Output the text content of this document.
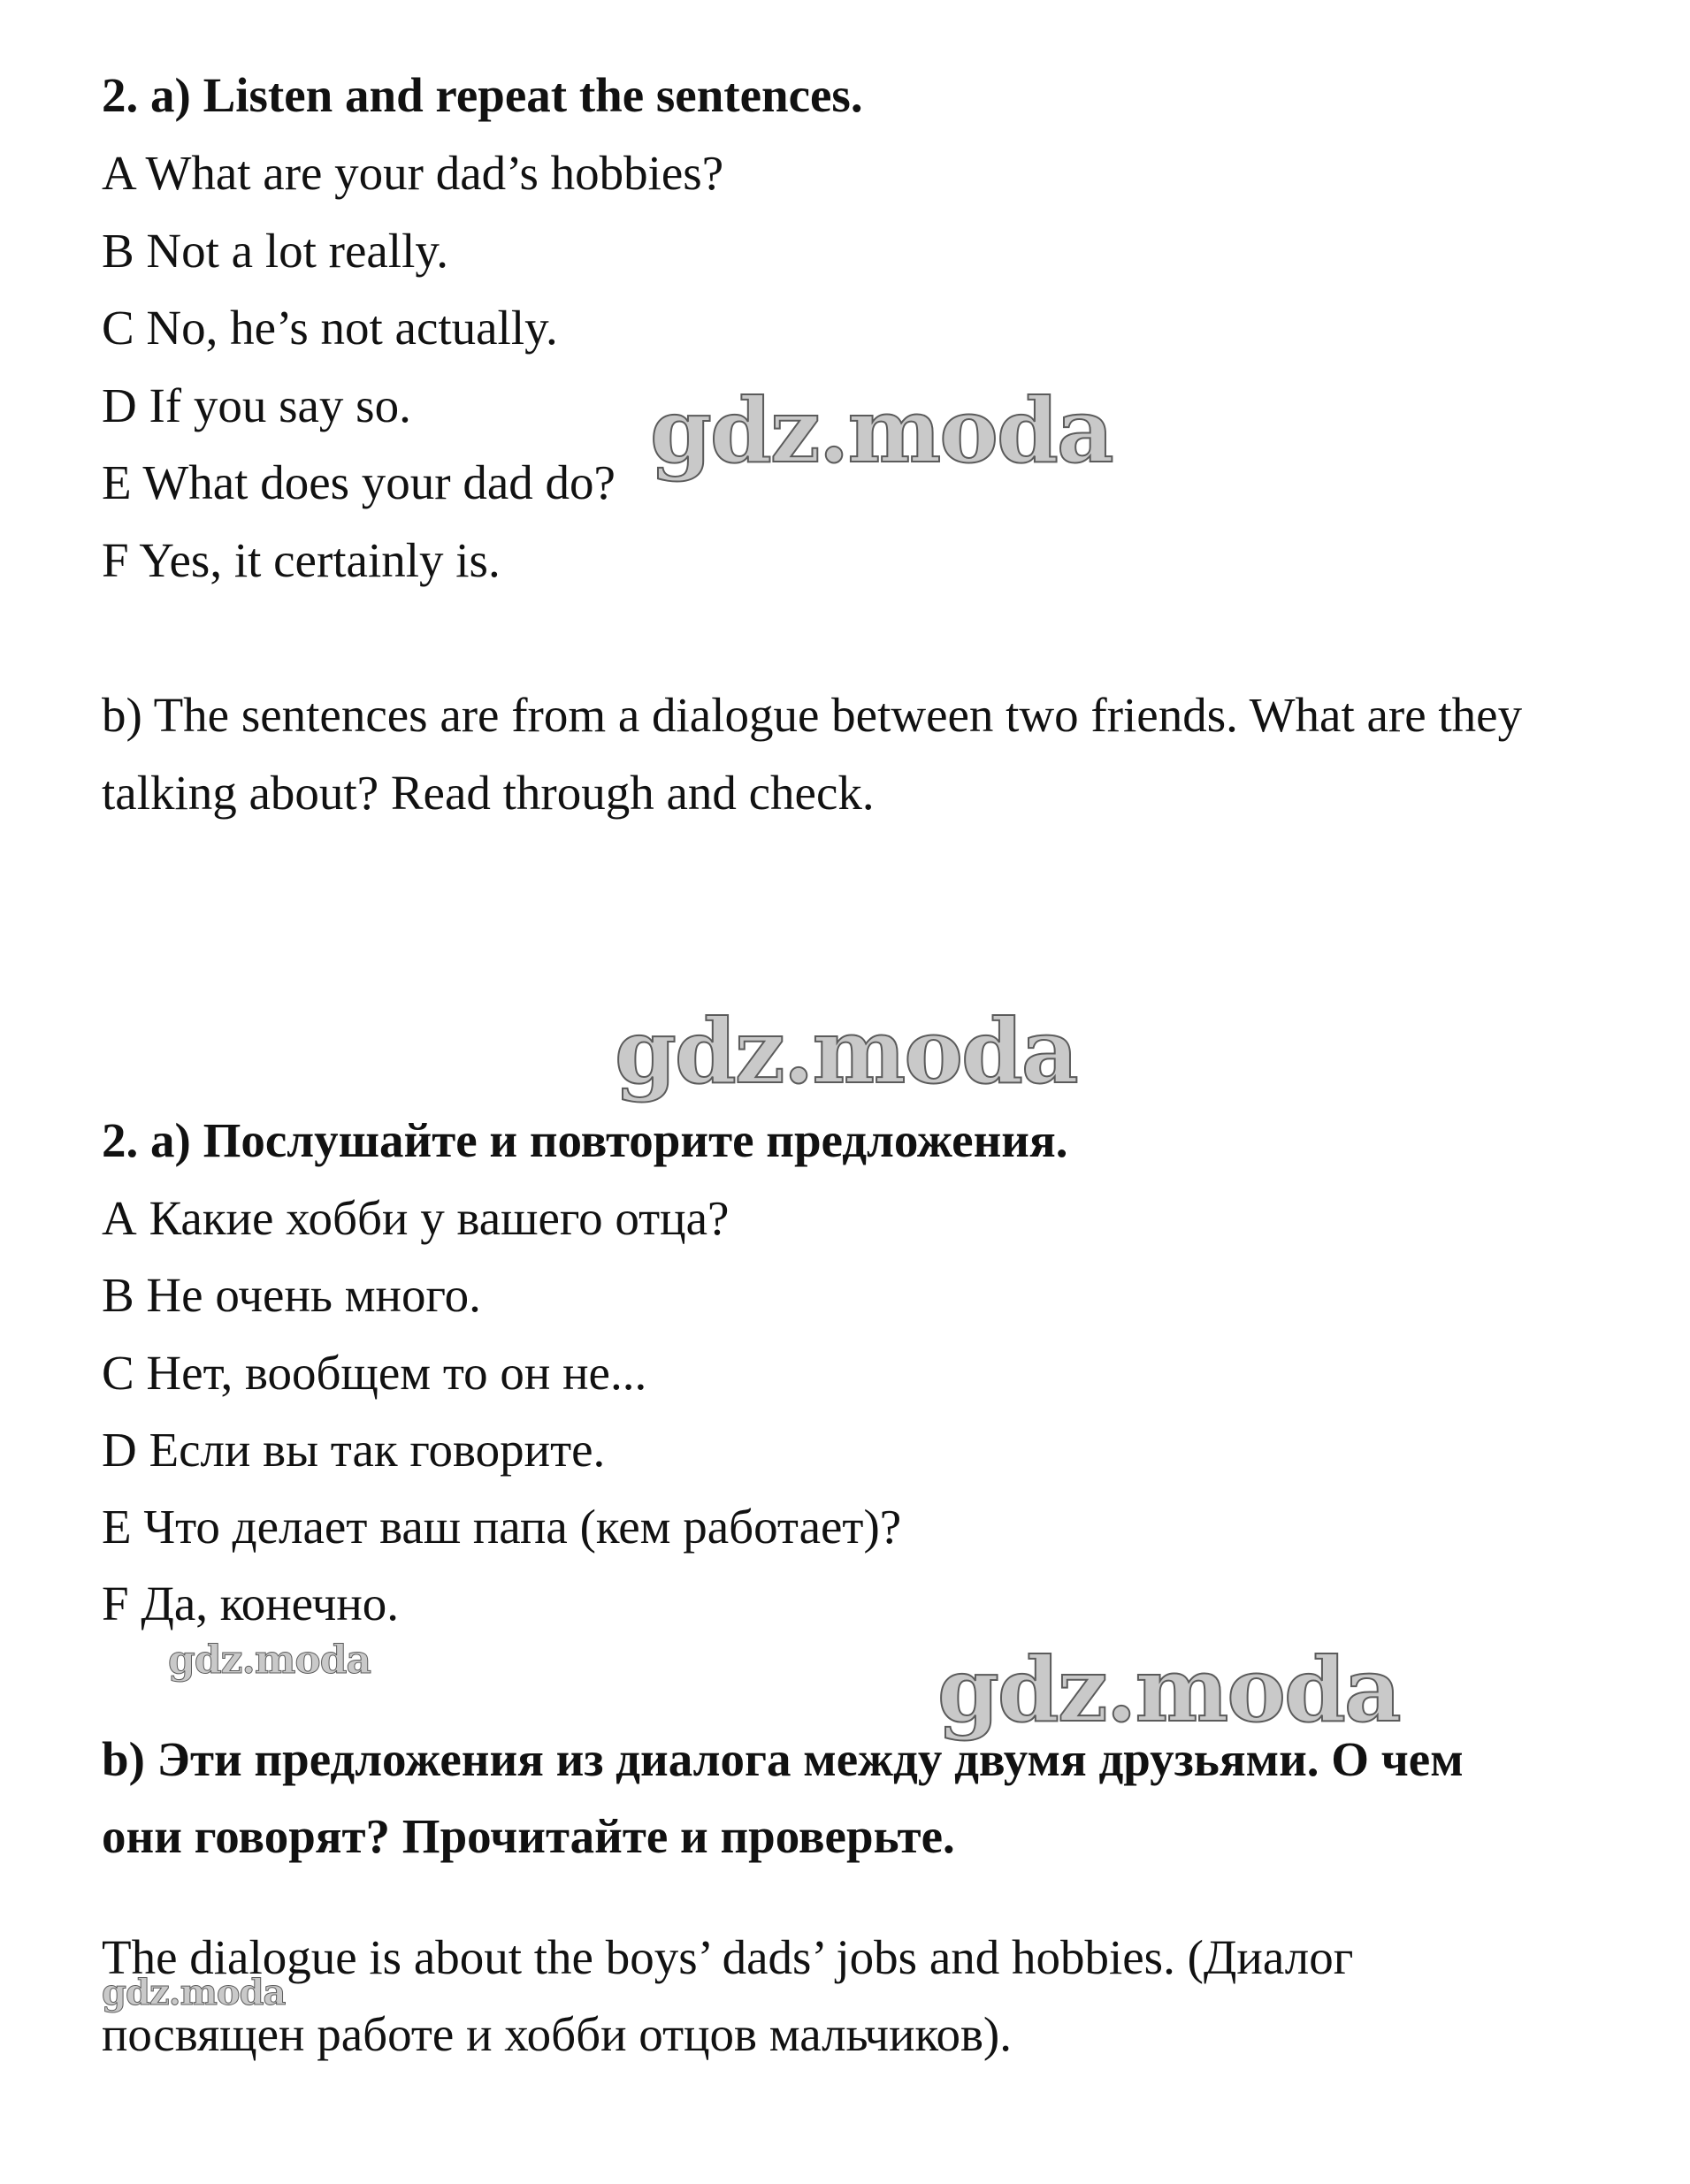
2. a) Listen and repeat the sentences.

A What are your dad’s hobbies?

B Not a lot really.

C No, he’s not actually.

D If you say so.

E What does your dad do?

F Yes, it certainly is.

b) The sentences are from a dialogue between two friends. What are they

talking about? Read through and check.

2. а) Послушайте и повторите предложения.

А Какие хобби у вашего отца?

В Не очень много.

С Нет, вообщем то он не...

D Если вы так говорите.

Е Что делает ваш папа (кем работает)?

F Да, конечно.

b) Эти предложения из диалога между двумя друзьями. О чем

они говорят? Прочитайте и проверьте.

The dialogue is about the boys’ dads’ jobs and hobbies. (Диалог

посвящен работе и хобби отцов мальчиков).

gdz.moda
gdz.moda
gdz.moda	gdz.moda
gdz.moda
